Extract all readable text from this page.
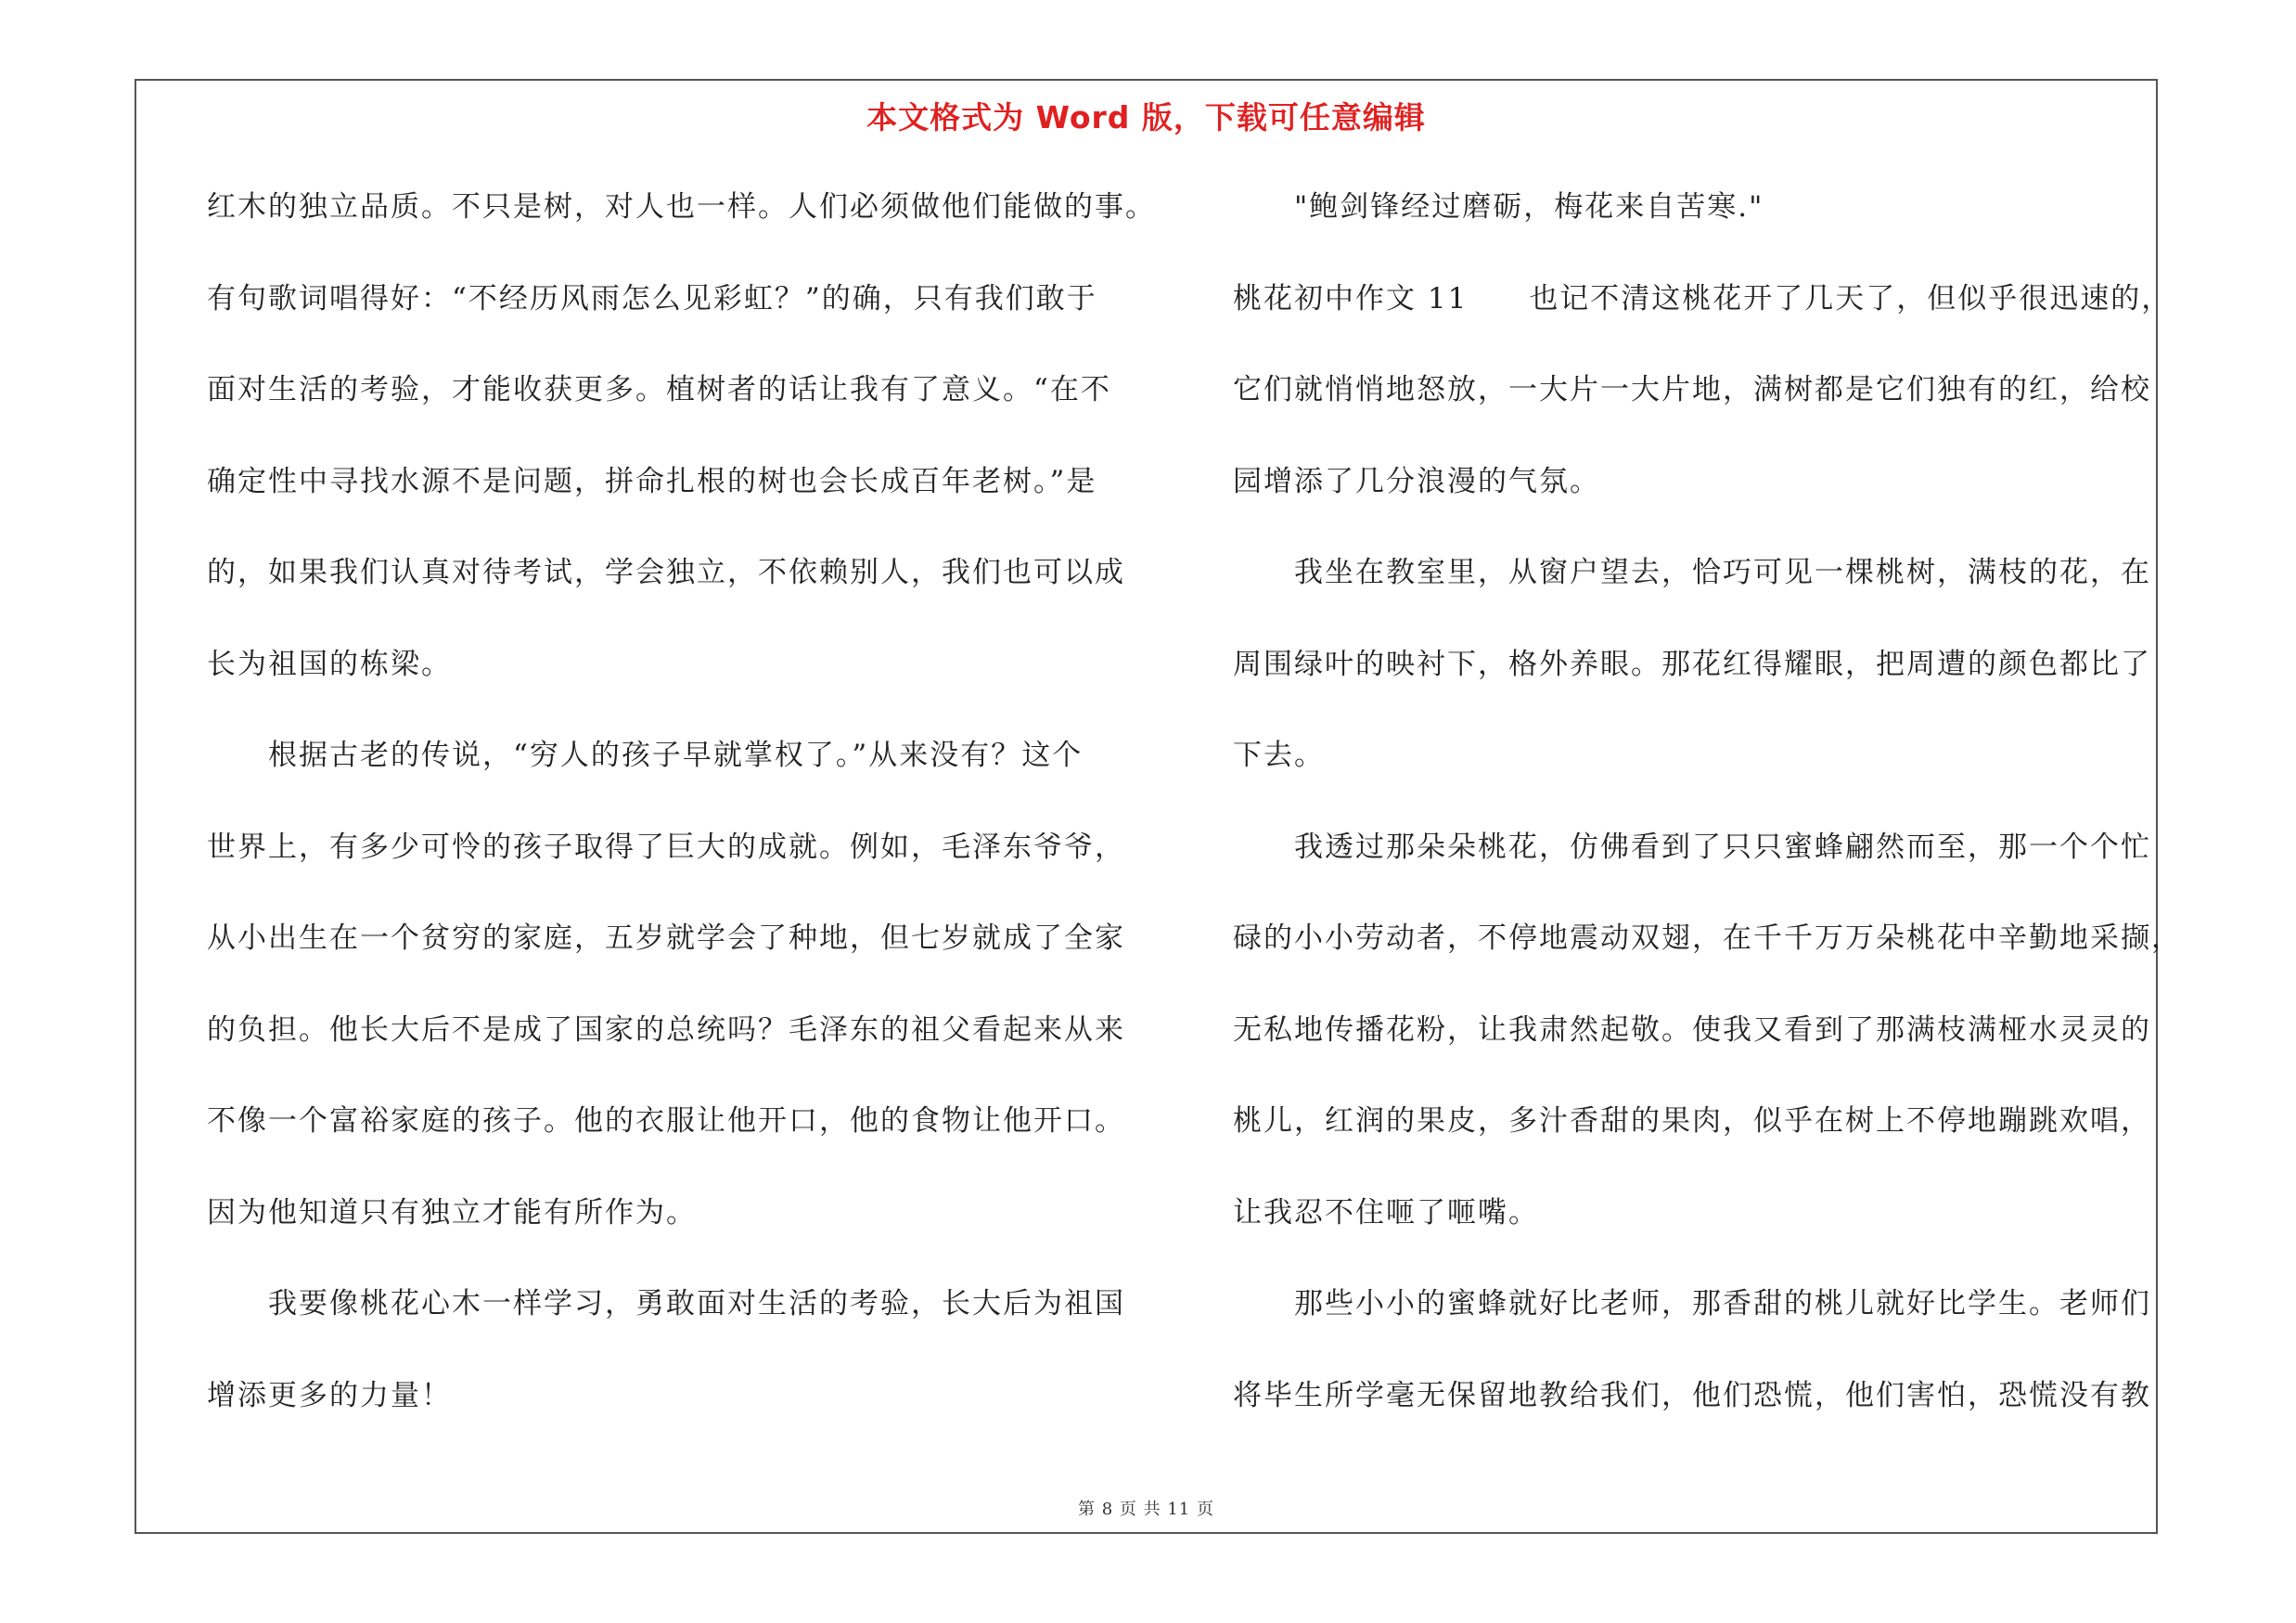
本文格式为 Word 版，下载可任意编辑
红木的独立品质。不只是树，对人也一样。人们必须做他们能做的事。
有句歌词唱得好：“不经历风雨怎么见彩虹？”的确，只有我们敢于
面对生活的考验，才能收获更多。植树者的话让我有了意义。“在不
确定性中寻找水源不是问题，拼命扎根的树也会长成百年老树。”是
的，如果我们认真对待考试，学会独立，不依赖别人，我们也可以成
长为祖国的栋梁。
根据古老的传说，“穷人的孩子早就掌权了。”从来没有？这个
世界上，有多少可怜的孩子取得了巨大的成就。例如，毛泽东爷爷，
从小出生在一个贫穷的家庭，五岁就学会了种地，但七岁就成了全家
的负担。他长大后不是成了国家的总统吗？毛泽东的祖父看起来从来
不像一个富裕家庭的孩子。他的衣服让他开口，他的食物让他开口。
因为他知道只有独立才能有所作为。
我要像桃花心木一样学习，勇敢面对生活的考验，长大后为祖国
增添更多的力量！
"鲍剑锋经过磨砺，梅花来自苦寒."
桃花初中作文 11 也记不清这桃花开了几天了，但似乎很迅速的，
它们就悄悄地怒放，一大片一大片地，满树都是它们独有的红，给校
园增添了几分浪漫的气氛。
我坐在教室里，从窗户望去，恰巧可见一棵桃树，满枝的花，在
周围绿叶的映衬下，格外养眼。那花红得耀眼，把周遭的颜色都比了
下去。
我透过那朵朵桃花，仿佛看到了只只蜜蜂翩然而至，那一个个忙
碌的小小劳动者，不停地震动双翅，在千千万万朵桃花中辛勤地采撷，
无私地传播花粉，让我肃然起敬。使我又看到了那满枝满桠水灵灵的
桃儿，红润的果皮，多汁香甜的果肉，似乎在树上不停地蹦跳欢唱，
让我忍不住咂了咂嘴。
那些小小的蜜蜂就好比老师，那香甜的桃儿就好比学生。老师们
将毕生所学毫无保留地教给我们，他们恐慌，他们害怕，恐慌没有教
第 8 页 共 11 页
